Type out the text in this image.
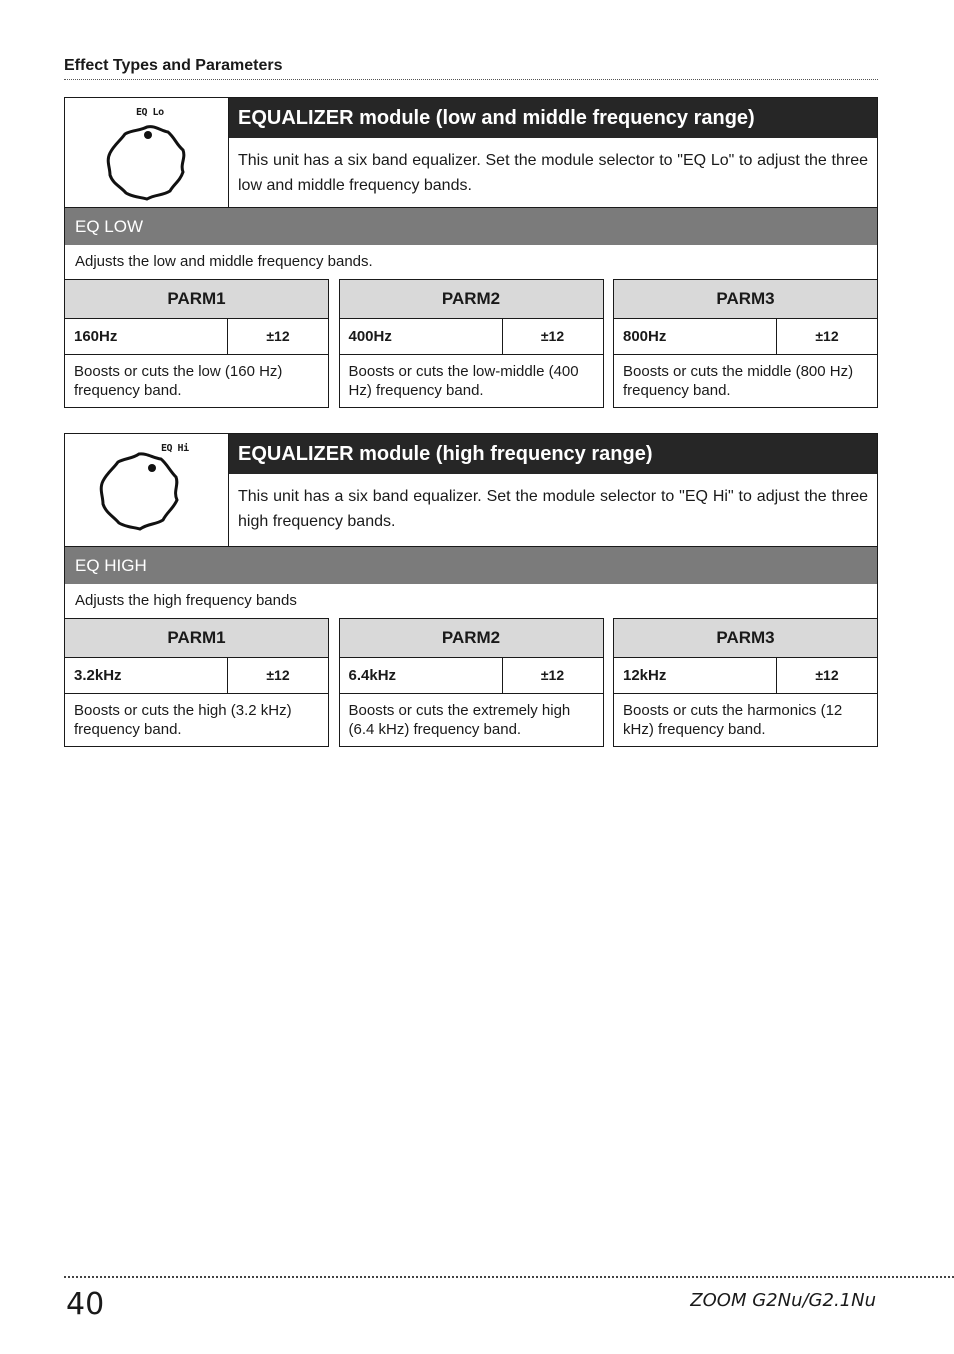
Effect Types and Parameters
EQ Lo	EQUALIZER module (low and middle frequency range)
This unit has a six band equalizer. Set the module selector to "EQ Lo" to adjust the three low and middle frequency bands.
EQ LOW
Adjusts the low and middle frequency bands.
PARM1
160Hz	±12
Boosts or cuts the low (160 Hz) frequency band.
PARM2
400Hz	±12
Boosts or cuts the low-middle (400 Hz) frequency band.
PARM3
800Hz	±12
Boosts or cuts the middle (800 Hz) frequency band.
EQ Hi	EQUALIZER module (high frequency range)
This unit has a six band equalizer. Set the module selector to "EQ Hi" to adjust the three high frequency bands.
EQ HIGH
Adjusts the high frequency bands
PARM1
3.2kHz	±12
Boosts or cuts the high (3.2 kHz) frequency band.
PARM2
6.4kHz	±12
Boosts or cuts the extremely high (6.4 kHz) frequency band.
PARM3
12kHz	±12
Boosts or cuts the harmonics (12 kHz) frequency band.
40	ZOOM G2Nu/G2.1Nu
